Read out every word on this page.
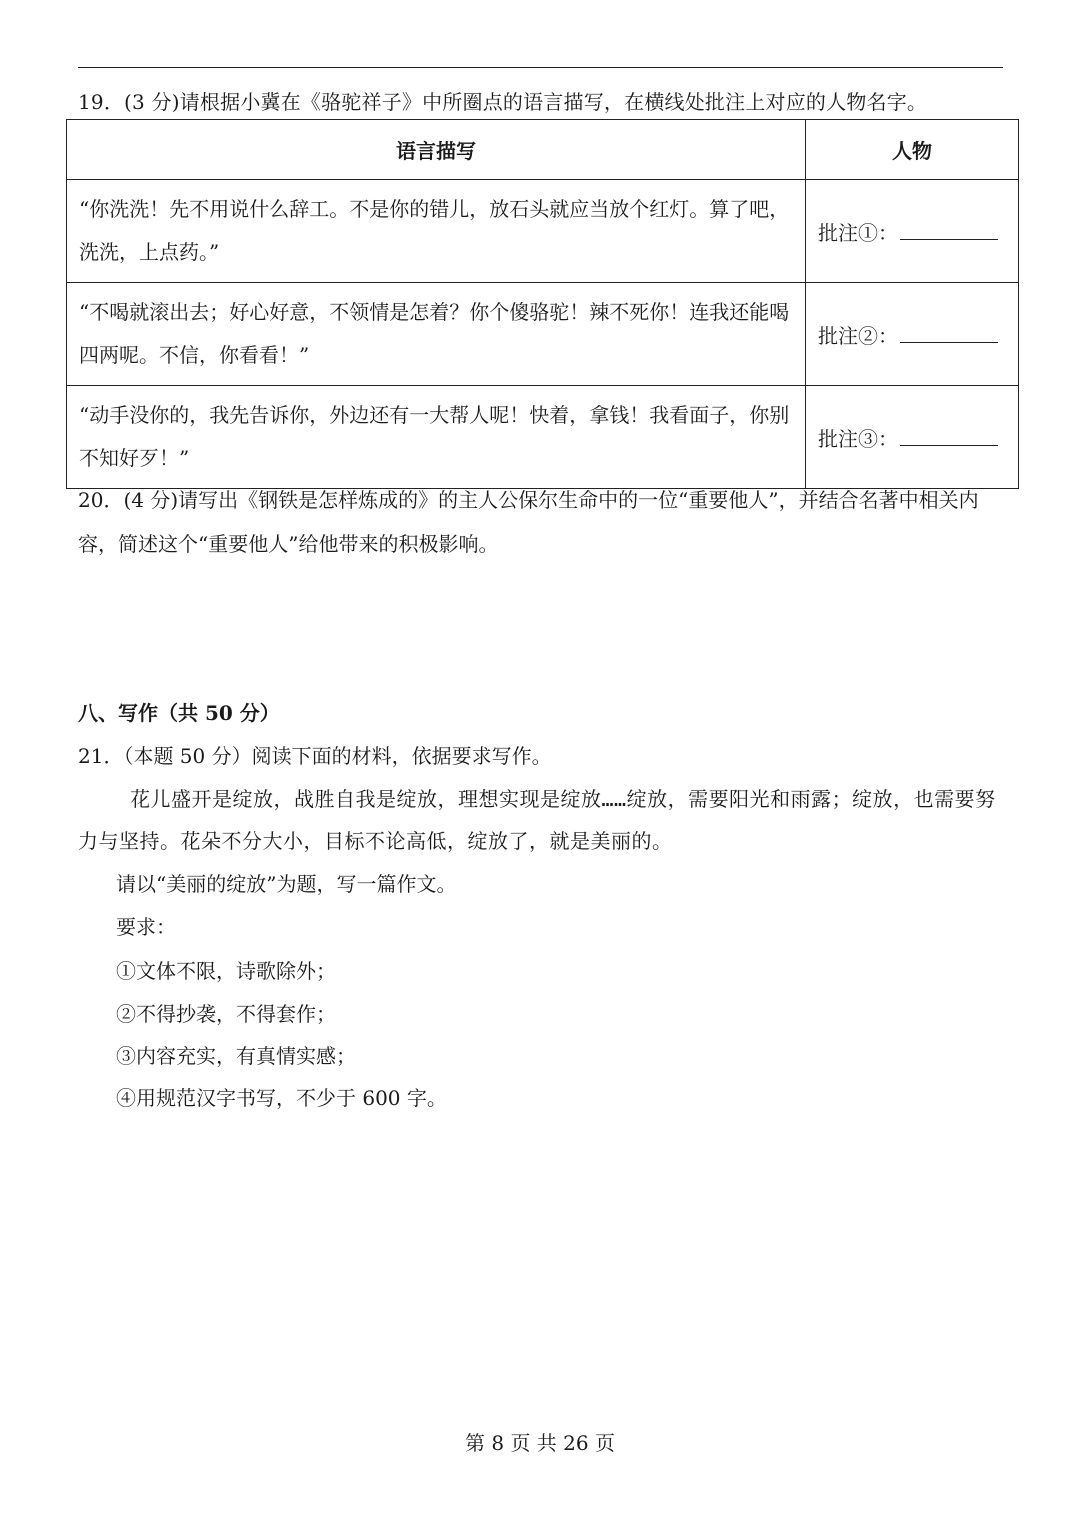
19．(3 分)请根据小冀在《骆驼祥子》中所圈点的语言描写，在横线处批注上对应的人物名字。
语言描写	人物
“你洗洗！先不用说什么辞工。不是你的错儿，放石头就应当放个红灯。算了吧，洗洗，上点药。”	批注①：
“不喝就滚出去；好心好意，不领情是怎着？你个傻骆驼！辣不死你！连我还能喝四两呢。不信，你看看！”	批注②：
“动手没你的，我先告诉你，外边还有一大帮人呢！快着，拿钱！我看面子，你别不知好歹！”	批注③：
20．(4 分)请写出《钢铁是怎样炼成的》的主人公保尔生命中的一位“重要他人”，并结合名著中相关内容，简述这个“重要他人”给他带来的积极影响。
八、写作（共 50 分）
21．（本题 50 分）阅读下面的材料，依据要求写作。
花儿盛开是绽放，战胜自我是绽放，理想实现是绽放……绽放，需要阳光和雨露；绽放，也需要努力与坚持。花朵不分大小，目标不论高低，绽放了，就是美丽的。
请以“美丽的绽放”为题，写一篇作文。
要求：
①文体不限，诗歌除外；
②不得抄袭，不得套作；
③内容充实，有真情实感；
④用规范汉字书写，不少于 600 字。
第 8 页 共 26 页
